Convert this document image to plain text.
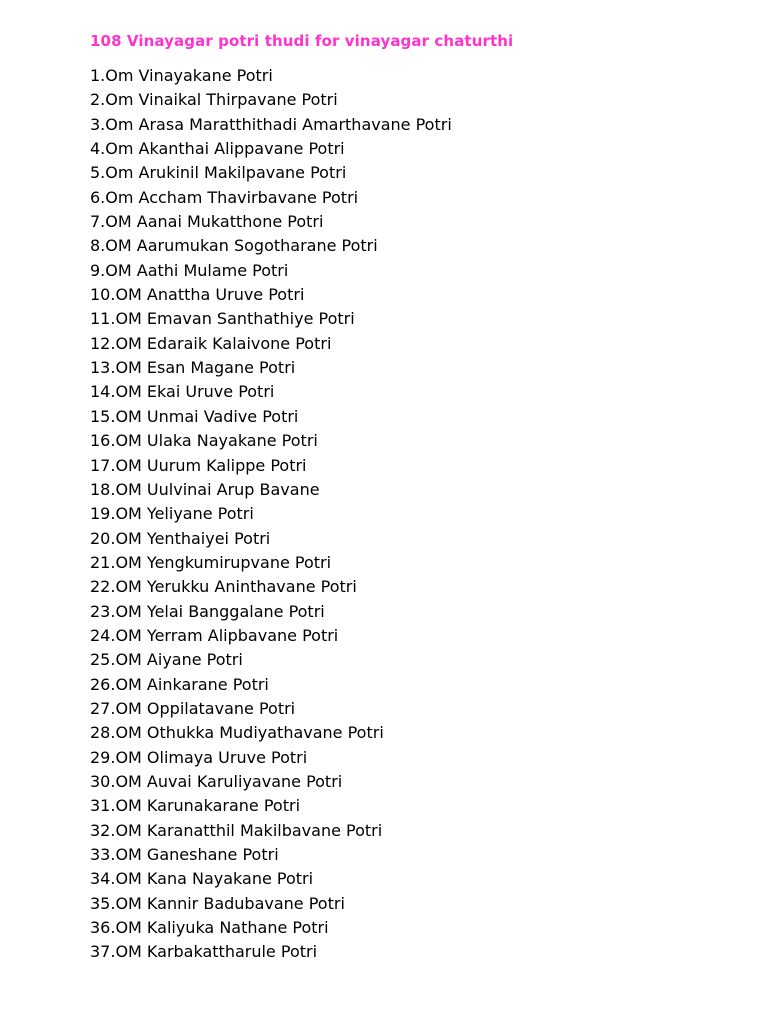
108 Vinayagar potri thudi for vinayagar chaturthi
1.Om Vinayakane Potri
2.Om Vinaikal Thirpavane Potri
3.Om Arasa Maratthithadi Amarthavane Potri
4.Om Akanthai Alippavane Potri
5.Om Arukinil Makilpavane Potri
6.Om Accham Thavirbavane Potri
7.OM Aanai Mukatthone Potri
8.OM Aarumukan Sogotharane Potri
9.OM Aathi Mulame Potri
10.OM Anattha Uruve Potri
11.OM Emavan Santhathiye Potri
12.OM Edaraik Kalaivone Potri
13.OM Esan Magane Potri
14.OM Ekai Uruve Potri
15.OM Unmai Vadive Potri
16.OM Ulaka Nayakane Potri
17.OM Uurum Kalippe Potri
18.OM Uulvinai Arup Bavane
19.OM Yeliyane Potri
20.OM Yenthaiyei Potri
21.OM Yengkumirupvane Potri
22.OM Yerukku Aninthavane Potri
23.OM Yelai Banggalane Potri
24.OM Yerram Alipbavane Potri
25.OM Aiyane Potri
26.OM Ainkarane Potri
27.OM Oppilatavane Potri
28.OM Othukka Mudiyathavane Potri
29.OM Olimaya Uruve Potri
30.OM Auvai Karuliyavane Potri
31.OM Karunakarane Potri
32.OM Karanatthil Makilbavane Potri
33.OM Ganeshane Potri
34.OM Kana Nayakane Potri
35.OM Kannir Badubavane Potri
36.OM Kaliyuka Nathane Potri
37.OM Karbakattharule Potri
